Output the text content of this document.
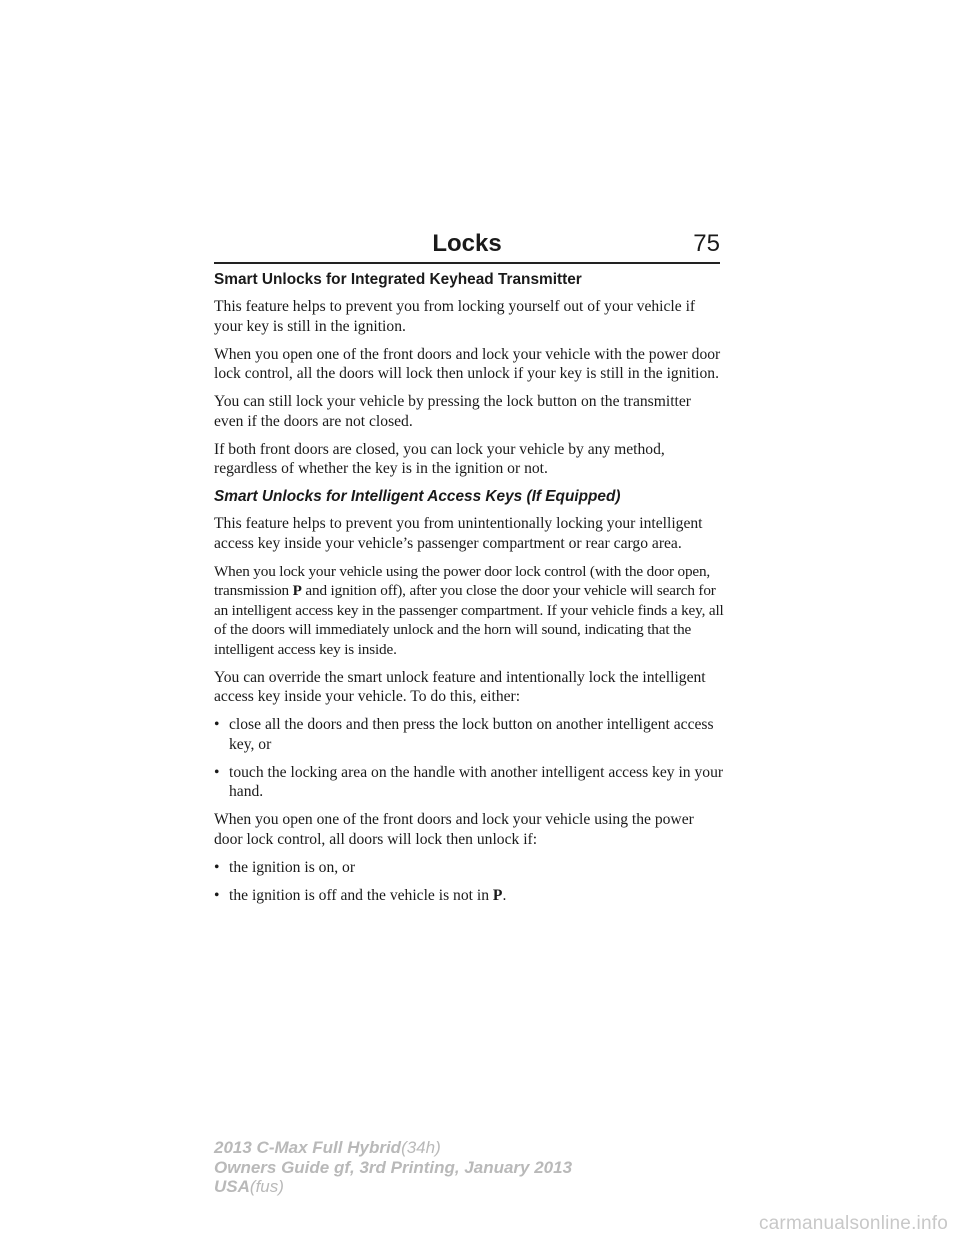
Locks	75
Smart Unlocks for Integrated Keyhead Transmitter

This feature helps to prevent you from locking yourself out of your vehicle if your key is still in the ignition.

When you open one of the front doors and lock your vehicle with the power door lock control, all the doors will lock then unlock if your key is still in the ignition.

You can still lock your vehicle by pressing the lock button on the transmitter even if the doors are not closed.

If both front doors are closed, you can lock your vehicle by any method, regardless of whether the key is in the ignition or not.

Smart Unlocks for Intelligent Access Keys (If Equipped)

This feature helps to prevent you from unintentionally locking your intelligent access key inside your vehicle’s passenger compartment or rear cargo area.

When you lock your vehicle using the power door lock control (with the door open, transmission P and ignition off), after you close the door your vehicle will search for an intelligent access key in the passenger compartment. If your vehicle finds a key, all of the doors will immediately unlock and the horn will sound, indicating that the intelligent access key is inside.

You can override the smart unlock feature and intentionally lock the intelligent access key inside your vehicle. To do this, either:

• close all the doors and then press the lock button on another intelligent access key, or
• touch the locking area on the handle with another intelligent access key in your hand.

When you open one of the front doors and lock your vehicle using the power door lock control, all doors will lock then unlock if:

• the ignition is on, or
• the ignition is off and the vehicle is not in P.
2013 C-Max Full Hybrid(34h)
Owners Guide gf, 3rd Printing, January 2013
USA(fus)
carmanualsonline.info
